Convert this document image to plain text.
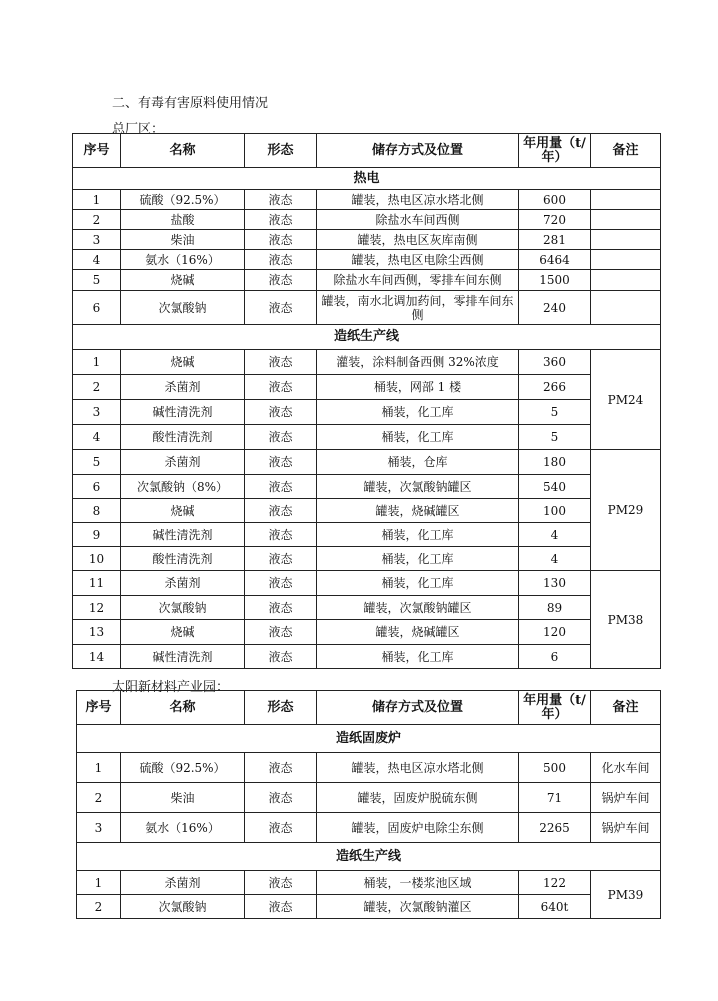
二、有毒有害原料使用情况
总厂区：
序号	名称	形态	储存方式及位置	年用量（t/年）	备注
热电					
1	硫酸（92.5%）	液态	罐装，热电区凉水塔北侧	600	
2	盐酸	液态	除盐水车间西侧	720	
3	柴油	液态	罐装，热电区灰库南侧	281	
4	氨水（16%）	液态	罐装，热电区电除尘西侧	6464	
5	烧碱	液态	除盐水车间西侧，零排车间东侧	1500	
6	次氯酸钠	液态	罐装，南水北调加药间，零排车间东侧	240	
造纸生产线					
1	烧碱	液态	灌装，涂料制备西侧 32%浓度	360	PM24
2	杀菌剂	液态	桶装，网部 1 楼	266	
3	碱性清洗剂	液态	桶装，化工库	5	
4	酸性清洗剂	液态	桶装，化工库	5	
5	杀菌剂	液态	桶装，仓库	180	PM29
6	次氯酸钠（8%）	液态	罐装，次氯酸钠罐区	540	
8	烧碱	液态	罐装，烧碱罐区	100	
9	碱性清洗剂	液态	桶装，化工库	4	
10	酸性清洗剂	液态	桶装，化工库	4	
11	杀菌剂	液态	桶装，化工库	130	PM38
12	次氯酸钠	液态	罐装，次氯酸钠罐区	89	
13	烧碱	液态	罐装，烧碱罐区	120	
14	碱性清洗剂	液态	桶装，化工库	6	
太阳新材料产业园：
序号	名称	形态	储存方式及位置	年用量（t/年）	备注
造纸固废炉					
1	硫酸（92.5%）	液态	罐装，热电区凉水塔北侧	500	化水车间
2	柴油	液态	罐装，固废炉脱硫东侧	71	锅炉车间
3	氨水（16%）	液态	罐装，固废炉电除尘东侧	2265	锅炉车间
造纸生产线					
1	杀菌剂	液态	桶装，一楼浆池区域	122	PM39
2	次氯酸钠	液态	罐装，次氯酸钠灌区	640t	
